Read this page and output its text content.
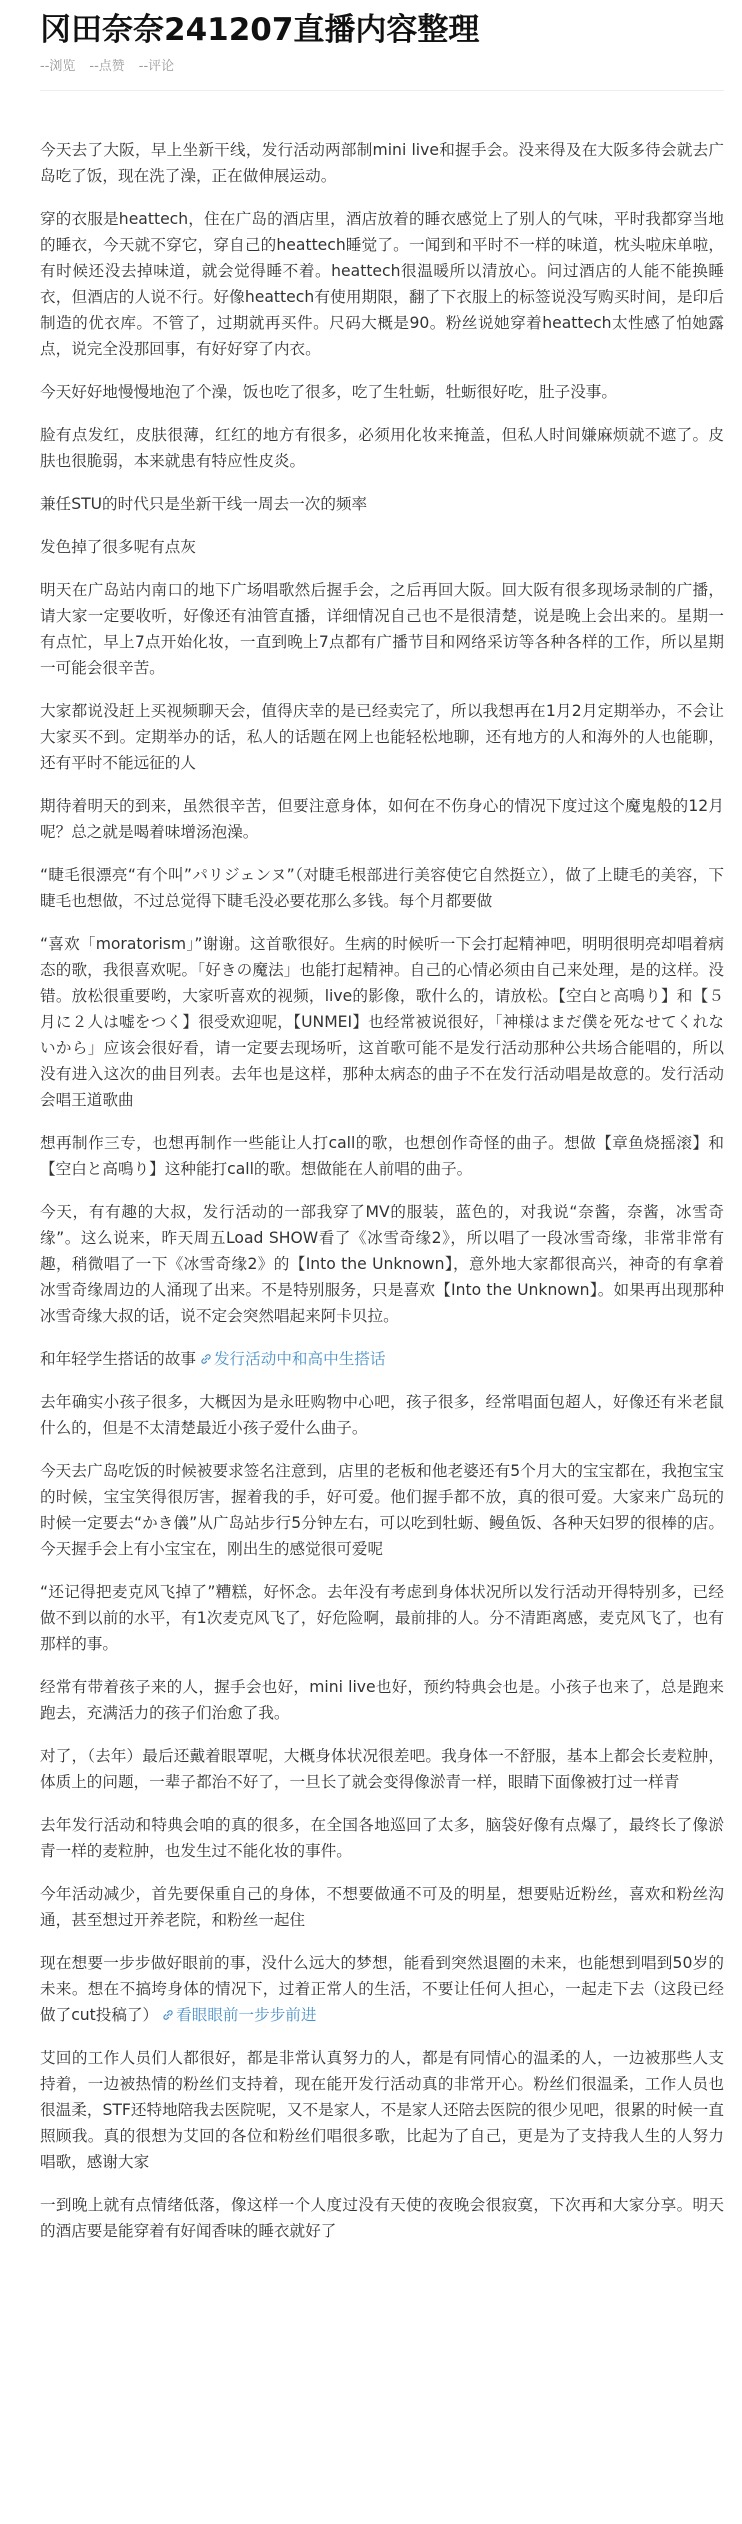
冈田奈奈241207直播内容整理
--浏览 --点赞 --评论

今天去了大阪，早上坐新干线，发行活动两部制mini live和握手会。没来得及在大阪多待会就去广岛吃了饭，现在洗了澡，正在做伸展运动。

穿的衣服是heattech，住在广岛的酒店里，酒店放着的睡衣感觉上了别人的气味，平时我都穿当地的睡衣，今天就不穿它，穿自己的heattech睡觉了。一闻到和平时不一样的味道，枕头啦床单啦，有时候还没去掉味道，就会觉得睡不着。heattech很温暖所以清放心。问过酒店的人能不能换睡衣，但酒店的人说不行。好像heattech有使用期限，翻了下衣服上的标签说没写购买时间，是印后制造的优衣库。不管了，过期就再买件。尺码大概是90。粉丝说她穿着heattech太性感了怕她露点，说完全没那回事，有好好穿了内衣。

今天好好地慢慢地泡了个澡，饭也吃了很多，吃了生牡蛎，牡蛎很好吃，肚子没事。

脸有点发红，皮肤很薄，红红的地方有很多，必须用化妆来掩盖，但私人时间嫌麻烦就不遮了。皮肤也很脆弱，本来就患有特应性皮炎。

兼任STU的时代只是坐新干线一周去一次的频率

发色掉了很多呢有点灰

明天在广岛站内南口的地下广场唱歌然后握手会，之后再回大阪。回大阪有很多现场录制的广播，请大家一定要收听，好像还有油管直播，详细情况自己也不是很清楚，说是晚上会出来的。星期一有点忙，早上7点开始化妆，一直到晚上7点都有广播节目和网络采访等各种各样的工作，所以星期一可能会很辛苦。

大家都说没赶上买视频聊天会，值得庆幸的是已经卖完了，所以我想再在1月2月定期举办，不会让大家买不到。定期举办的话，私人的话题在网上也能轻松地聊，还有地方的人和海外的人也能聊，还有平时不能远征的人

期待着明天的到来，虽然很辛苦，但要注意身体，如何在不伤身心的情况下度过这个魔鬼般的12月呢？总之就是喝着味增汤泡澡。

“睫毛很漂亮“有个叫”パリジェンヌ”（对睫毛根部进行美容使它自然挺立），做了上睫毛的美容，下睫毛也想做，不过总觉得下睫毛没必要花那么多钱。每个月都要做

“喜欢「moratorism」”谢谢。这首歌很好。生病的时候听一下会打起精神吧，明明很明亮却唱着病态的歌，我很喜欢呢。「好きの魔法」也能打起精神。自己的心情必须由自己来处理，是的这样。没错。放松很重要哟，大家听喜欢的视频，live的影像，歌什么的，请放松。【空白と高鳴り】和【５月に２人は嘘をつく】很受欢迎呢，【UNMEI】也经常被说很好，「神様はまだ僕を死なせてくれないから」应该会很好看，请一定要去现场听，这首歌可能不是发行活动那种公共场合能唱的，所以没有进入这次的曲目列表。去年也是这样，那种太病态的曲子不在发行活动唱是故意的。发行活动会唱王道歌曲

想再制作三专，也想再制作一些能让人打call的歌，也想创作奇怪的曲子。想做【章鱼烧摇滚】和【空白と高鳴り】这种能打call的歌。想做能在人前唱的曲子。

今天，有有趣的大叔，发行活动的一部我穿了MV的服装，蓝色的，对我说“奈酱，奈酱，冰雪奇缘”。这么说来，昨天周五Load SHOW看了《冰雪奇缘2》，所以唱了一段冰雪奇缘，非常非常有趣，稍微唱了一下《冰雪奇缘2》的【Into the Unknown】，意外地大家都很高兴，神奇的有拿着冰雪奇缘周边的人涌现了出来。不是特别服务，只是喜欢【Into the Unknown】。如果再出现那种冰雪奇缘大叔的话，说不定会突然唱起来阿卡贝拉。

和年轻学生搭话的故事 发行活动中和高中生搭话

去年确实小孩子很多，大概因为是永旺购物中心吧，孩子很多，经常唱面包超人，好像还有米老鼠什么的，但是不太清楚最近小孩子爱什么曲子。

今天去广岛吃饭的时候被要求签名注意到，店里的老板和他老婆还有5个月大的宝宝都在，我抱宝宝的时候，宝宝笑得很厉害，握着我的手，好可爱。他们握手都不放，真的很可爱。大家来广岛玩的时候一定要去“かき儀”从广岛站步行5分钟左右，可以吃到牡蛎、鳗鱼饭、各种天妇罗的很棒的店。今天握手会上有小宝宝在，刚出生的感觉很可爱呢

“还记得把麦克风飞掉了”糟糕，好怀念。去年没有考虑到身体状况所以发行活动开得特别多，已经做不到以前的水平，有1次麦克风飞了，好危险啊，最前排的人。分不清距离感，麦克风飞了，也有那样的事。

经常有带着孩子来的人，握手会也好，mini live也好，预约特典会也是。小孩子也来了，总是跑来跑去，充满活力的孩子们治愈了我。

对了，（去年）最后还戴着眼罩呢，大概身体状况很差吧。我身体一不舒服，基本上都会长麦粒肿，体质上的问题，一辈子都治不好了，一旦长了就会变得像淤青一样，眼睛下面像被打过一样青

去年发行活动和特典会咱的真的很多，在全国各地巡回了太多，脑袋好像有点爆了，最终长了像淤青一样的麦粒肿，也发生过不能化妆的事件。

今年活动减少，首先要保重自己的身体，不想要做通不可及的明星，想要贴近粉丝，喜欢和粉丝沟通，甚至想过开养老院，和粉丝一起住

现在想要一步步做好眼前的事，没什么远大的梦想，能看到突然退圈的未来，也能想到唱到50岁的未来。想在不搞垮身体的情况下，过着正常人的生活，不要让任何人担心，一起走下去（这段已经做了cut投稿了） 看眼眼前一步步前进

艾回的工作人员们人都很好，都是非常认真努力的人，都是有同情心的温柔的人，一边被那些人支持着，一边被热情的粉丝们支持着，现在能开发行活动真的非常开心。粉丝们很温柔，工作人员也很温柔，STF还特地陪我去医院呢，又不是家人，不是家人还陪去医院的很少见吧，很累的时候一直照顾我。真的很想为艾回的各位和粉丝们唱很多歌，比起为了自己，更是为了支持我人生的人努力唱歌，感谢大家

一到晚上就有点情绪低落，像这样一个人度过没有天使的夜晚会很寂寞，下次再和大家分享。明天的酒店要是能穿着有好闻香味的睡衣就好了
